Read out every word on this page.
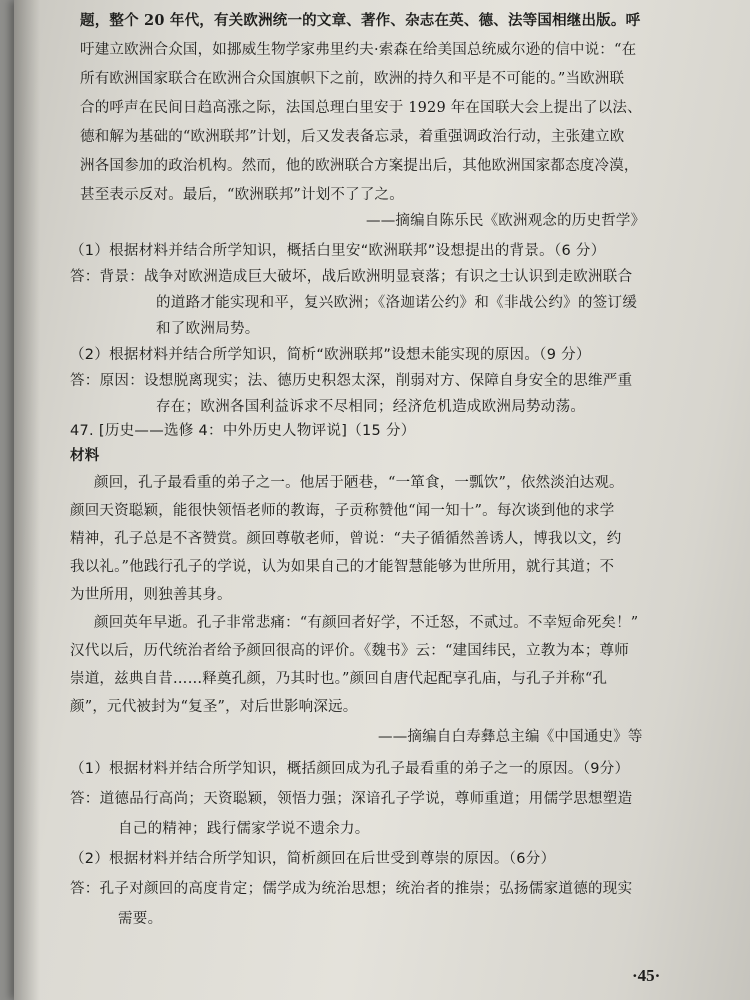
题，整个 20 年代，有关欧洲统一的文章、著作、杂志在英、德、法等国相继出版。呼
吁建立欧洲合众国，如挪威生物学家弗里约夫·索森在给美国总统威尔逊的信中说：“在
所有欧洲国家联合在欧洲合众国旗帜下之前，欧洲的持久和平是不可能的。”当欧洲联
合的呼声在民间日趋高涨之际，法国总理白里安于 1929 年在国联大会上提出了以法、
德和解为基础的“欧洲联邦”计划，后又发表备忘录，着重强调政治行动，主张建立欧
洲各国参加的政治机构。然而，他的欧洲联合方案提出后，其他欧洲国家都态度冷漠，
甚至表示反对。最后，“欧洲联邦”计划不了了之。
——摘编自陈乐民《欧洲观念的历史哲学》
（1）根据材料并结合所学知识，概括白里安“欧洲联邦”设想提出的背景。（6 分）
答：背景：战争对欧洲造成巨大破坏，战后欧洲明显衰落；有识之士认识到走欧洲联合
的道路才能实现和平，复兴欧洲；《洛迦诺公约》和《非战公约》的签订缓
和了欧洲局势。
（2）根据材料并结合所学知识，简析“欧洲联邦”设想未能实现的原因。（9 分）
答：原因：设想脱离现实；法、德历史积怨太深，削弱对方、保障自身安全的思维严重
存在；欧洲各国利益诉求不尽相同；经济危机造成欧洲局势动荡。
47. [历史——选修 4：中外历史人物评说]（15 分）
材料
颜回，孔子最看重的弟子之一。他居于陋巷，“一箪食，一瓢饮”，依然淡泊达观。
颜回天资聪颖，能很快领悟老师的教诲，子贡称赞他“闻一知十”。每次谈到他的求学
精神，孔子总是不吝赞赏。颜回尊敬老师，曾说：“夫子循循然善诱人，博我以文，约
我以礼。”他践行孔子的学说，认为如果自己的才能智慧能够为世所用，就行其道；不
为世所用，则独善其身。
颜回英年早逝。孔子非常悲痛：“有颜回者好学，不迁怒，不贰过。不幸短命死矣！”
汉代以后，历代统治者给予颜回很高的评价。《魏书》云：“建国纬民，立教为本；尊师
崇道，兹典自昔……释奠孔颜，乃其时也。”颜回自唐代起配享孔庙，与孔子并称“孔
颜”，元代被封为“复圣”，对后世影响深远。
——摘编自白寿彝总主编《中国通史》等
（1）根据材料并结合所学知识，概括颜回成为孔子最看重的弟子之一的原因。（9分）
答：道德品行高尚；天资聪颖，领悟力强；深谙孔子学说，尊师重道；用儒学思想塑造
自己的精神；践行儒家学说不遗余力。
（2）根据材料并结合所学知识，简析颜回在后世受到尊崇的原因。（6分）
答：孔子对颜回的高度肯定；儒学成为统治思想；统治者的推崇；弘扬儒家道德的现实
需要。
·45·
